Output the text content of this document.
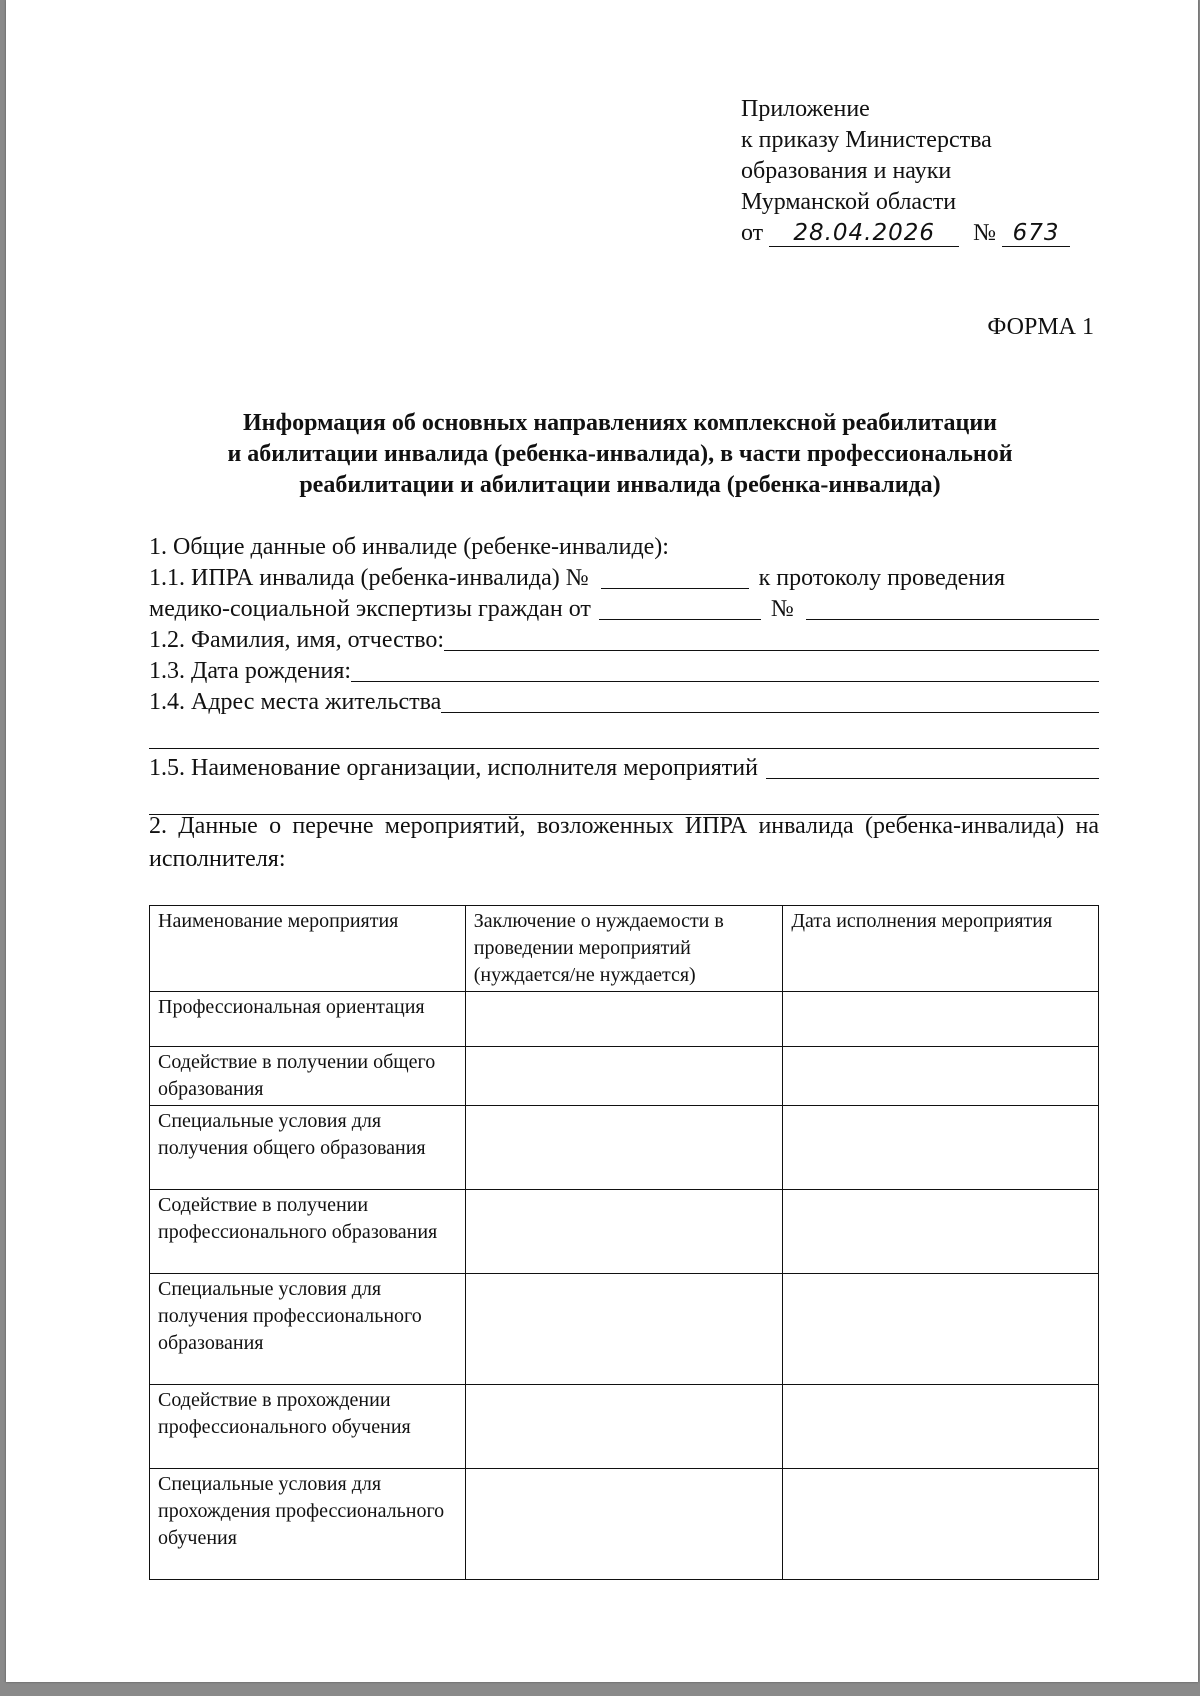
Приложение
к приказу Министерства
образования и науки
Мурманской области
от 28.04.2026 № 673
ФОРМА 1
Информация об основных направлениях комплексной реабилитации
и абилитации инвалида (ребенка-инвалида), в части профессиональной
реабилитации и абилитации инвалида (ребенка-инвалида)
1. Общие данные об инвалиде (ребенке-инвалиде):
1.1. ИПРА инвалида (ребенка-инвалида) №	к протоколу проведения
медико-социальной экспертизы граждан от	№
1.2. Фамилия, имя, отчество:
1.3. Дата рождения:
1.4. Адрес места жительства
1.5. Наименование организации, исполнителя мероприятий
2. Данные о перечне мероприятий, возложенных ИПРА инвалида (ребенка-инвалида) на исполнителя:
Наименование мероприятия	Заключение о нуждаемости в проведении мероприятий (нуждается/не нуждается)	Дата исполнения мероприятия
Профессиональная ориентация		
Содействие в получении общего образования		
Специальные условия для получения общего образования		
Содействие в получении профессионального образования		
Специальные условия для получения профессионального образования		
Содействие в прохождении профессионального обучения		
Специальные условия для прохождения профессионального обучения		
